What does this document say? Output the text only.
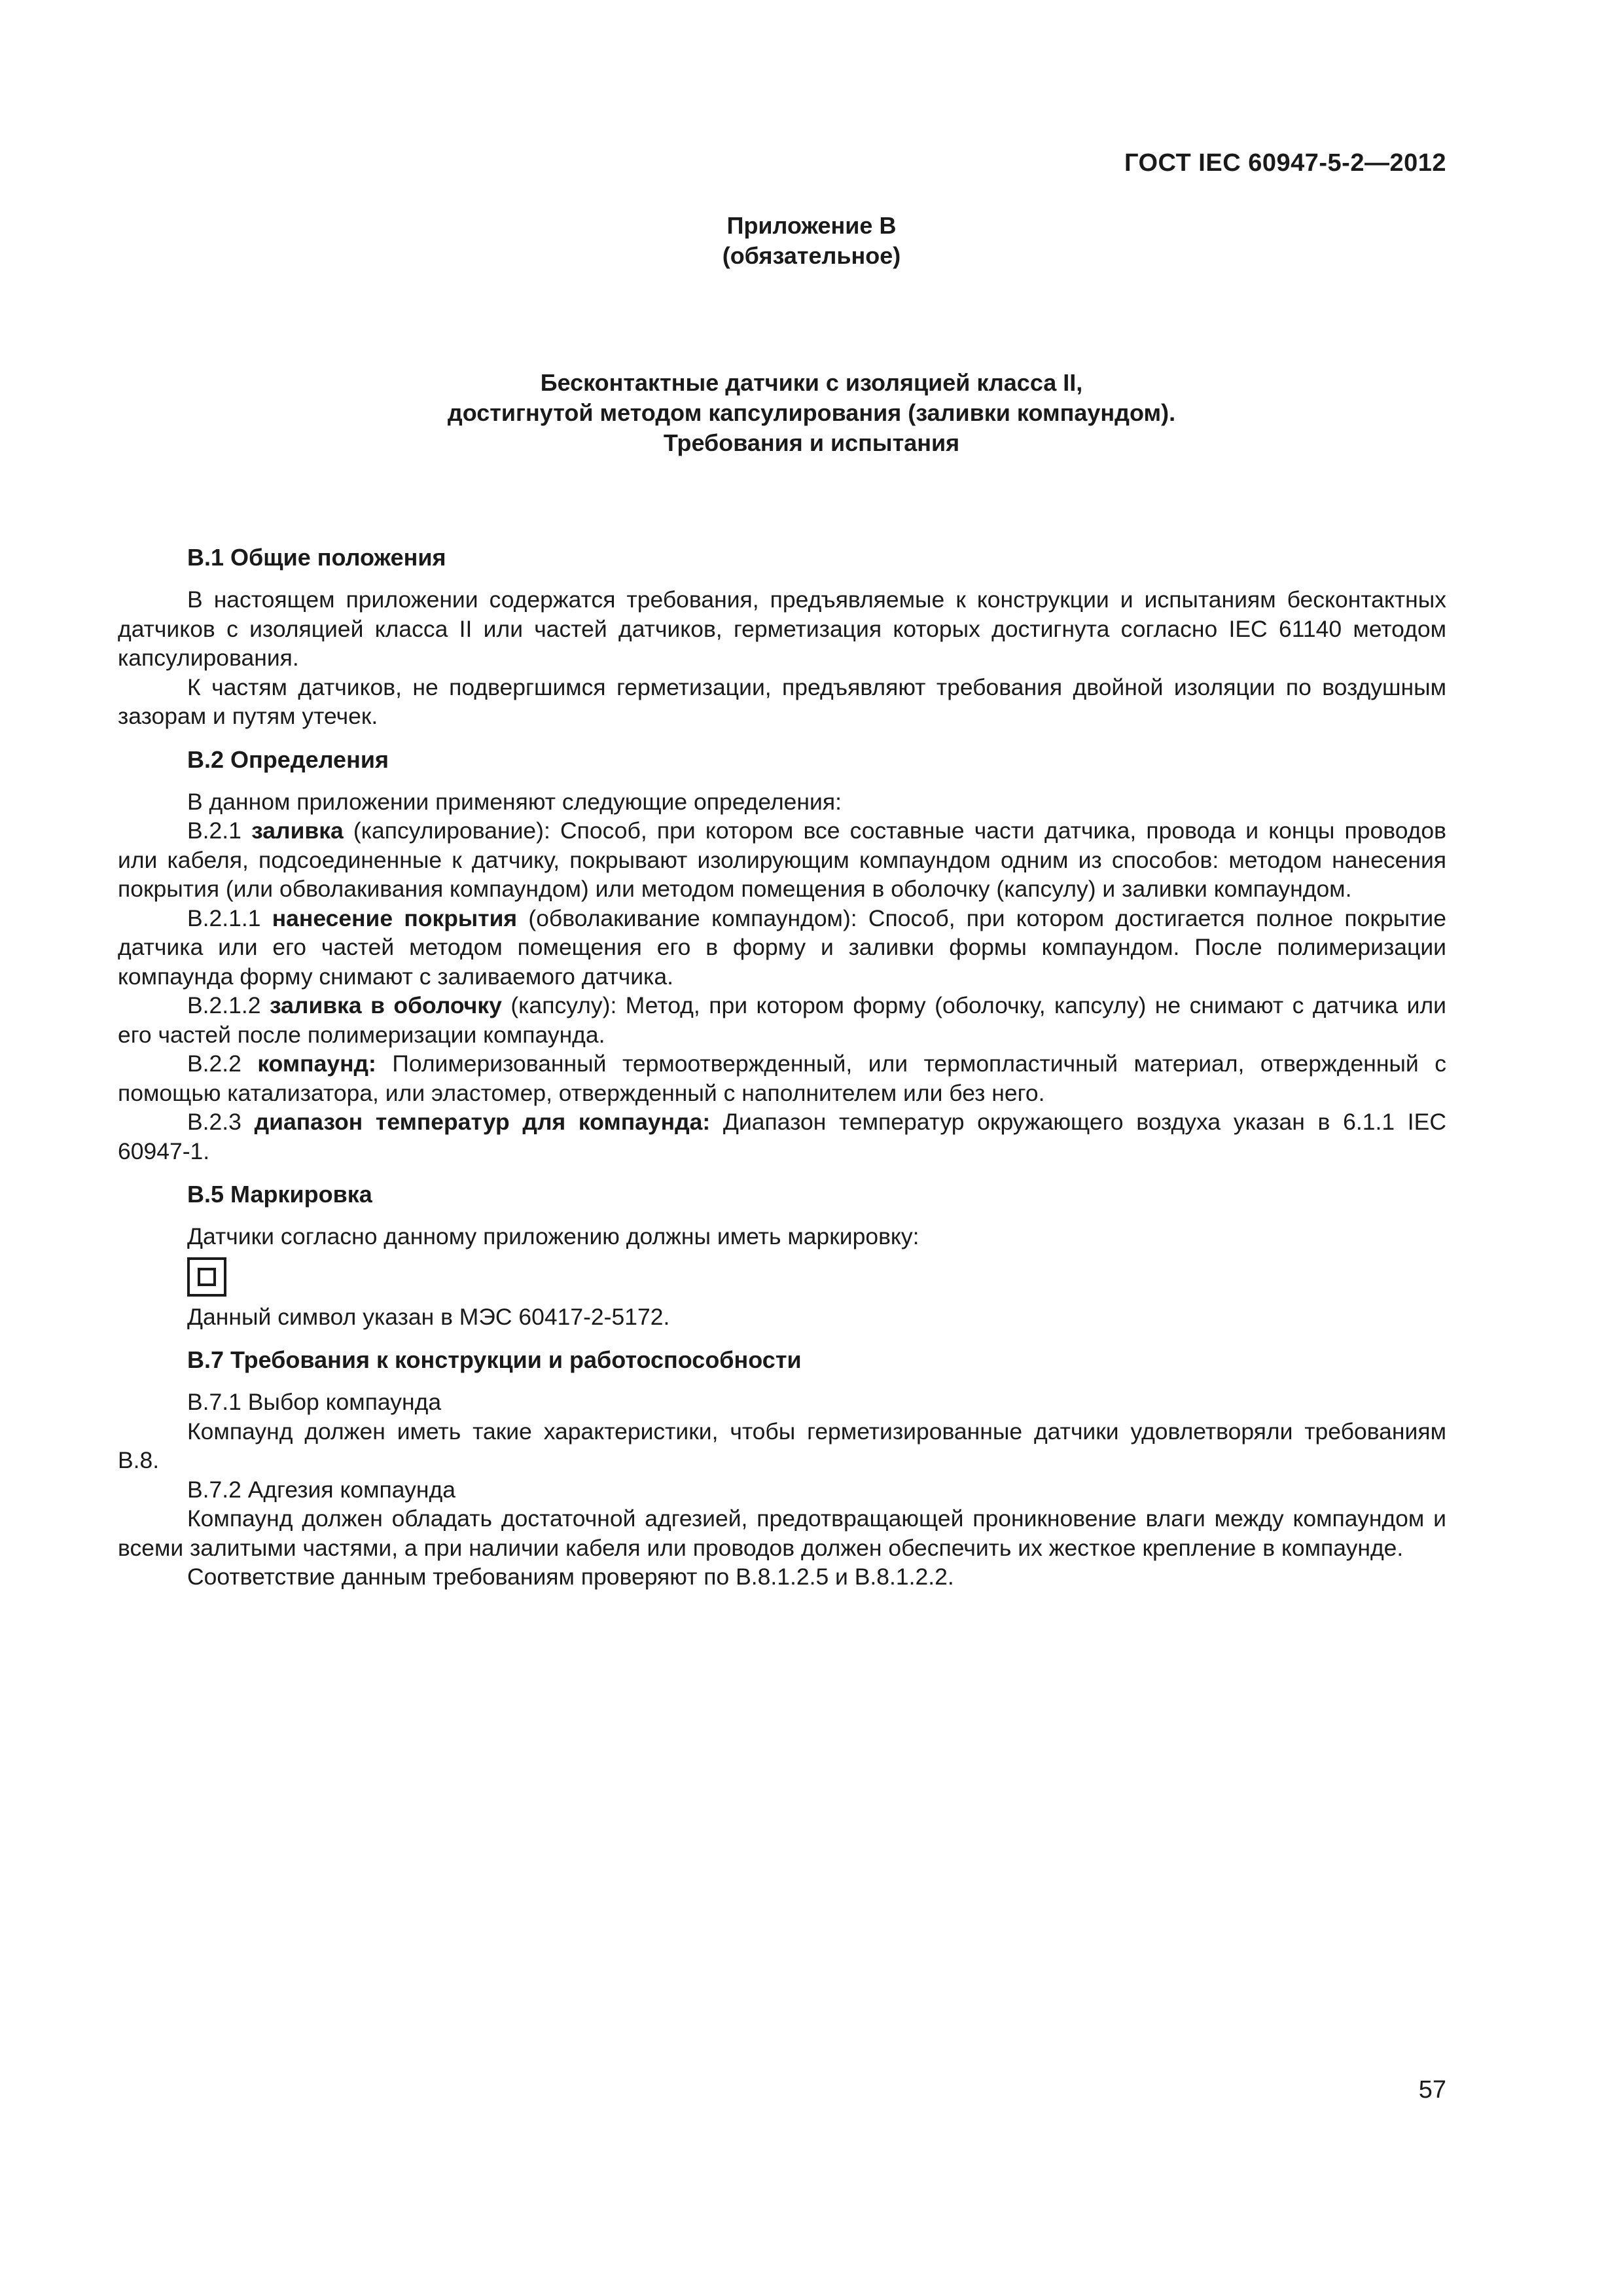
ГОСТ IEC 60947-5-2—2012
Приложение В
(обязательное)
Бесконтактные датчики с изоляцией класса II,
достигнутой методом капсулирования (заливки компаундом).
Требования и испытания
В.1 Общие положения

В настоящем приложении содержатся требования, предъявляемые к конструкции и испытаниям бесконтактных датчиков с изоляцией класса II или частей датчиков, герметизация которых достигнута согласно IEC 61140 методом капсулирования.

К частям датчиков, не подвергшимся герметизации, предъявляют требования двойной изоляции по воздушным зазорам и путям утечек.

В.2 Определения

В данном приложении применяют следующие определения:

В.2.1 заливка (капсулирование): Способ, при котором все составные части датчика, провода и концы проводов или кабеля, подсоединенные к датчику, покрывают изолирующим компаундом одним из способов: методом нанесения покрытия (или обволакивания компаундом) или методом помещения в оболочку (капсулу) и заливки компаундом.

В.2.1.1 нанесение покрытия (обволакивание компаундом): Способ, при котором достигается полное покрытие датчика или его частей методом помещения его в форму и заливки формы компаундом. После полимеризации компаунда форму снимают с заливаемого датчика.

В.2.1.2 заливка в оболочку (капсулу): Метод, при котором форму (оболочку, капсулу) не снимают с датчика или его частей после полимеризации компаунда.

В.2.2 компаунд: Полимеризованный термоотвержденный, или термопластичный материал, отвержденный с помощью катализатора, или эластомер, отвержденный с наполнителем или без него.

В.2.3 диапазон температур для компаунда: Диапазон температур окружающего воздуха указан в 6.1.1 IEC 60947-1.

В.5 Маркировка

Датчики согласно данному приложению должны иметь маркировку:

Данный символ указан в МЭС 60417-2-5172.

В.7 Требования к конструкции и работоспособности

В.7.1 Выбор компаунда

Компаунд должен иметь такие характеристики, чтобы герметизированные датчики удовлетворяли требованиям В.8.

В.7.2 Адгезия компаунда

Компаунд должен обладать достаточной адгезией, предотвращающей проникновение влаги между компаундом и всеми залитыми частями, а при наличии кабеля или проводов должен обеспечить их жесткое крепление в компаунде.

Соответствие данным требованиям проверяют по В.8.1.2.5 и В.8.1.2.2.

57
